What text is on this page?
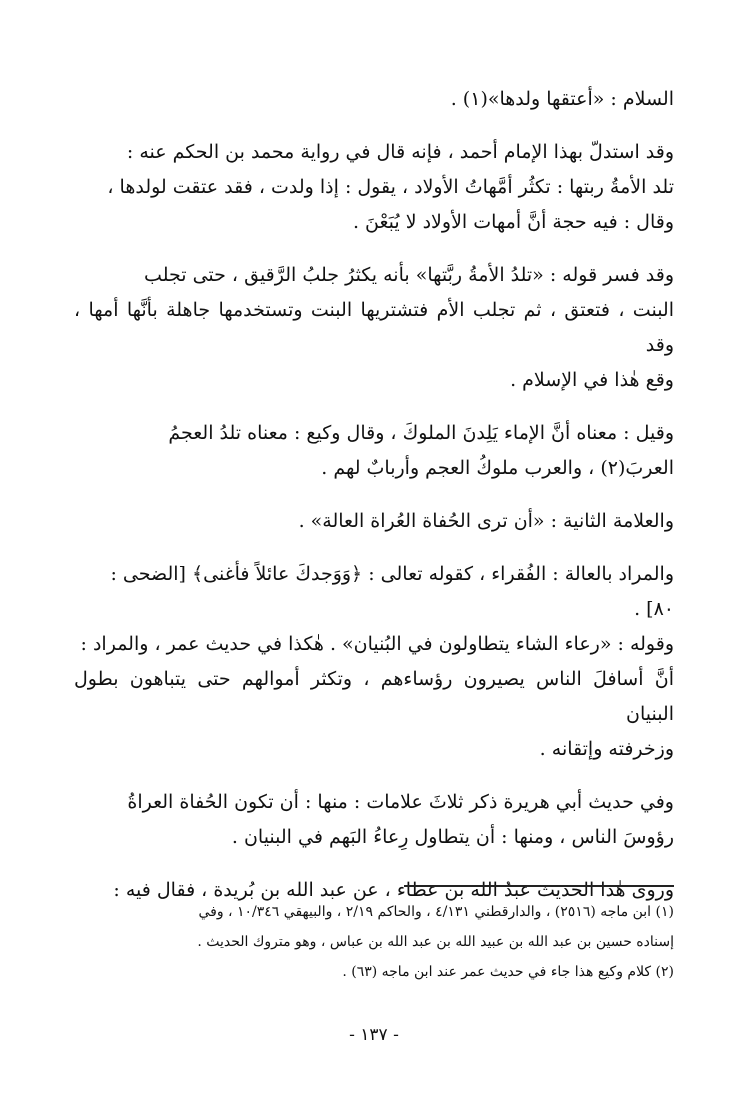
السلام : «أعتقها ولدها»(١) .

وقد استدلّ بهذا الإمام أحمد ، فإنه قال في رواية محمد بن الحكم عنه :
تلد الأمةُ ربتها : تكثُر أمَّهاتُ الأولاد ، يقول : إذا ولدت ، فقد عتقت لولدها ،
وقال : فيه حجة أنَّ أمهات الأولاد لا يُبَعْنَ .

وقد فسر قوله : «تلدُ الأمةُ ربَّتها» بأنه يكثرُ جلبُ الرَّقيق ، حتى تجلب
البنت ، فتعتق ، ثم تجلب الأم فتشتريها البنت وتستخدمها جاهلة بأنَّها أمها ، وقد
وقع هٰذا في الإسلام .

وقيل : معناه أنَّ الإماء يَلِدنَ الملوكَ ، وقال وكيع : معناه تلدُ العجمُ
العربَ(٢) ، والعرب ملوكُ العجم وأربابٌ لهم .

والعلامة الثانية : «أن ترى الحُفاة العُراة العالة» .

والمراد بالعالة : الفُقراء ، كقوله تعالى : ﴿وَوَجدكَ عائلاً فأغنى﴾ [الضحى :
٨٠] .
وقوله : «رعاء الشاء يتطاولون في البُنيان» . هٰكذا في حديث عمر ، والمراد :
أنَّ أسافلَ الناس يصيرون رؤساءهم ، وتكثر أموالهم حتى يتباهون بطول البنيان
وزخرفته وإتقانه .

وفي حديث أبي هريرة ذكر ثلاثَ علامات : منها : أن تكون الحُفاة العراةُ
رؤوسَ الناس ، ومنها : أن يتطاول رِعاءُ البَهم في البنيان .

وروى هٰذا الحديث عبدُ الله بن عطاء ، عن عبد الله بن بُريدة ، فقال فيه :

(١) ابن ماجه (٢٥١٦) ، والدارقطني ٤/١٣١ ، والحاكم ٢/١٩ ، والبيهقي ١٠/٣٤٦ ، وفي
إسناده حسين بن عبد الله بن عبيد الله بن عبد الله بن عباس ، وهو متروك الحديث .

(٢) كلام وكيع هذا جاء في حديث عمر عند ابن ماجه (٦٣) .

- ١٣٧ -
